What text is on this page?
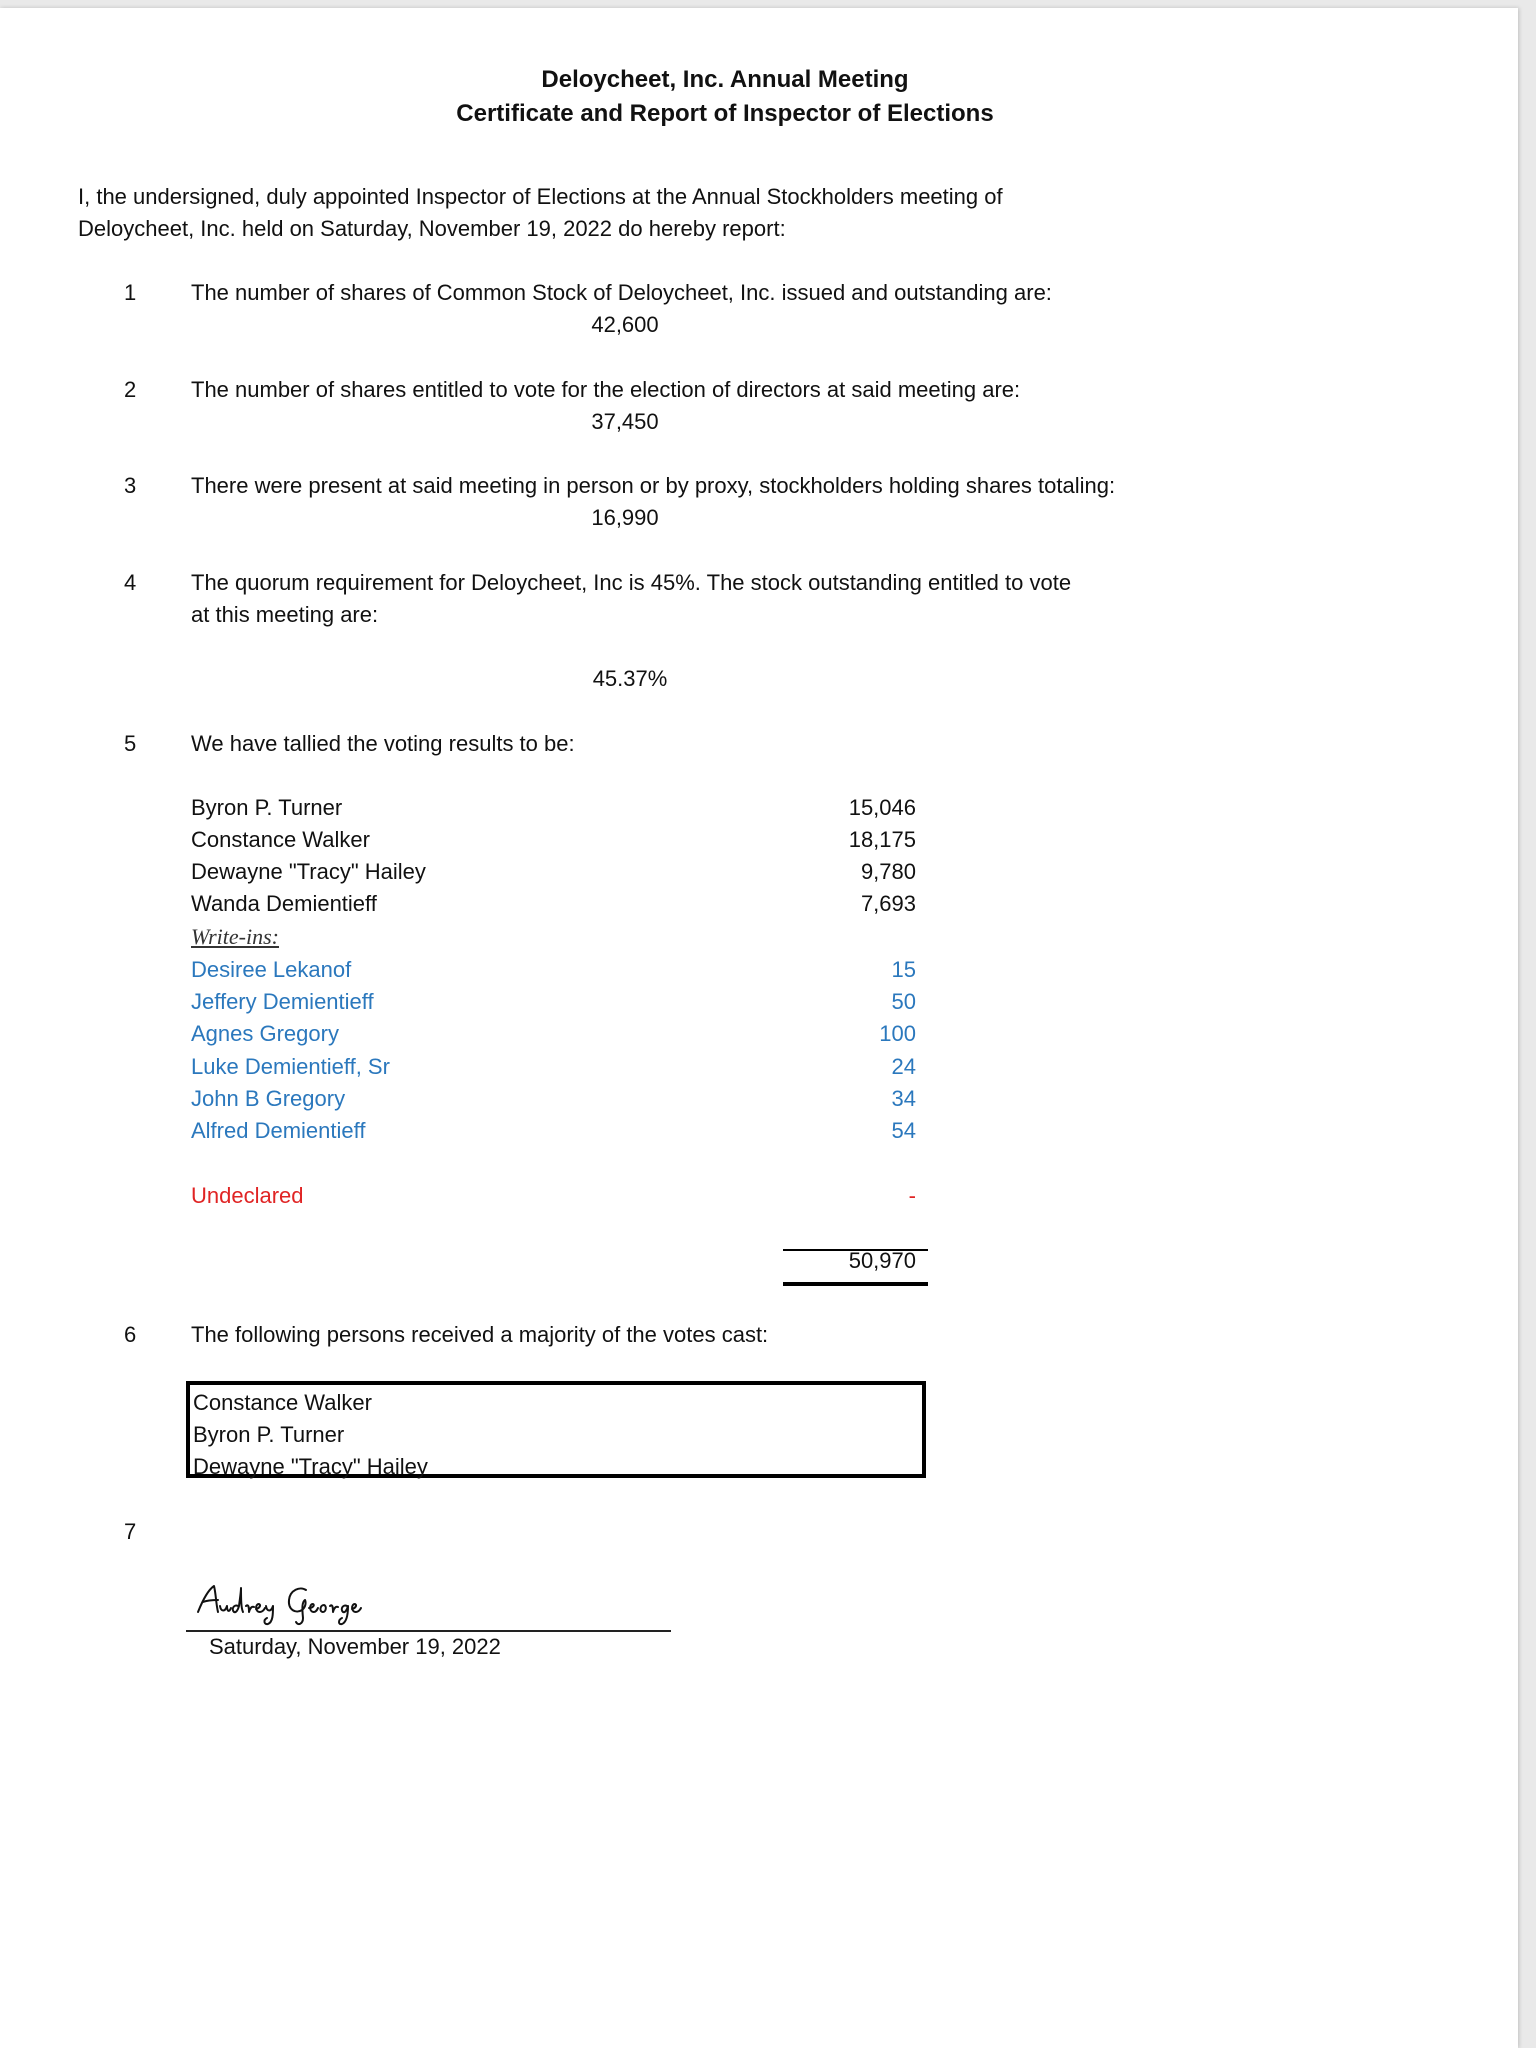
Deloycheet, Inc. Annual Meeting
Certificate and Report of Inspector of Elections
I, the undersigned, duly appointed Inspector of Elections at the Annual Stockholders meeting of
Deloycheet, Inc. held on Saturday, November 19, 2022 do hereby report:
1 The number of shares of Common Stock of Deloycheet, Inc. issued and outstanding are:
42,600
2 The number of shares entitled to vote for the election of directors at said meeting are:
37,450
3 There were present at said meeting in person or by proxy, stockholders holding shares totaling:
16,990
4 The quorum requirement for Deloycheet, Inc is 45%. The stock outstanding entitled to vote
at this meeting are:
45.37%
5 We have tallied the voting results to be:
Byron P. Turner	15,046
Constance Walker	18,175
Dewayne "Tracy" Hailey	9,780
Wanda Demientieff	7,693
Write-ins:
Desiree Lekanof	15
Jeffery Demientieff	50
Agnes Gregory	100
Luke Demientieff, Sr	24
John B Gregory	34
Alfred Demientieff	54
Undeclared	-
50,970
6 The following persons received a majority of the votes cast:
Constance Walker
Byron P. Turner
Dewayne "Tracy" Hailey
7
Audrey George
Saturday, November 19, 2022
